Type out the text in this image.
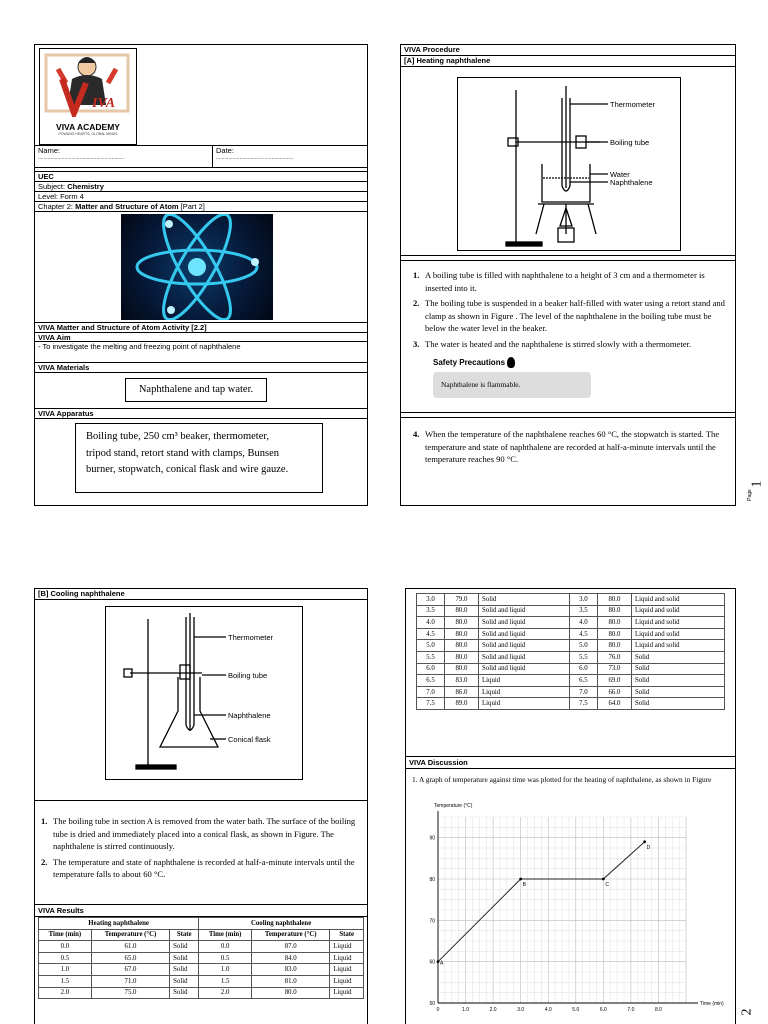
IVA
VIVA ACADEMY
POWANG HEARTS, GLOBAL MINDS
Name:
..............................................................
Date:
........................................................
UEC
Subject: Chemistry
Level: Form 4
Chapter 2: Matter and Structure of Atom [Part 2]
VIVA Matter and Structure of Atom Activity [2.2]
VIVA Aim
- To investigate the melting and freezing point of naphthalene
VIVA Materials
Naphthalene and tap water.
VIVA Apparatus
Boiling tube, 250 cm³ beaker, thermometer,
tripod stand, retort stand with clamps, Bunsen
burner, stopwatch, conical flask and wire gauze.
VIVA Procedure
[A] Heating naphthalene
Thermometer
Boiling tube
Water
Naphthalene
1. A boiling tube is filled with naphthalene to a height of 3 cm and a thermometer is inserted into it.
2. The boiling tube is suspended in a beaker half-filled with water using a retort stand and clamp as shown in Figure . The level of the naphthalene in the boiling tube must be below the water level in the beaker.
3. The water is heated and the naphthalene is stirred slowly with a thermometer.
Safety Precautions
Naphthalene is flammable.
4. When the temperature of the naphthalene reaches 60 °C, the stopwatch is started. The temperature and state of naphthalene are recorded at half-a-minute intervals until the temperature reaches 90 °C.
Page
1
[B] Cooling naphthalene
Thermometer
Boiling tube
Naphthalene
Conical flask
1. The boiling tube in section A is removed from the water bath. The surface of the boiling tube is dried and immediately placed into a conical flask, as shown in Figure. The naphthalene is stirred continuously.
2. The temperature and state of naphthalene is recorded at half-a-minute intervals until the temperature falls to about 60 °C.
VIVA Results
Heating naphthalene			Cooling naphthalene		
Time (min)	Temperature (°C)	State	Time (min)	Temperature (°C)	State
0.0	61.0	Solid	0.0	87.0	Liquid
0.5	65.0	Solid	0.5	84.0	Liquid
1.0	67.0	Solid	1.0	83.0	Liquid
1.5	71.0	Solid	1.5	81.0	Liquid
2.0	75.0	Solid	2.0	80.0	Liquid
3.0	79.0	Solid	3.0	80.0	Liquid and solid
3.5	80.0	Solid and liquid	3.5	80.0	Liquid and solid
4.0	80.0	Solid and liquid	4.0	80.0	Liquid and solid
4.5	80.0	Solid and liquid	4.5	80.0	Liquid and solid
5.0	80.0	Solid and liquid	5.0	80.0	Liquid and solid
5.5	80.0	Solid and liquid	5.5	76.0	Solid
6.0	80.0	Solid and liquid	6.0	73.0	Solid
6.5	83.0	Liquid	6.5	69.0	Solid
7.0	86.0	Liquid	7.0	66.0	Solid
7.5	89.0	Liquid	7.5	64.0	Solid
VIVA Discussion
1. A graph of temperature against time was plotted for the heating of naphthalene, as shown in Figure
0	1.0	2.0	3.0	4.0	5.0	6.0	7.0	8.0
50
60
70
80
90
Temperature (°C)
Time (min)
A
B	C
D
2
